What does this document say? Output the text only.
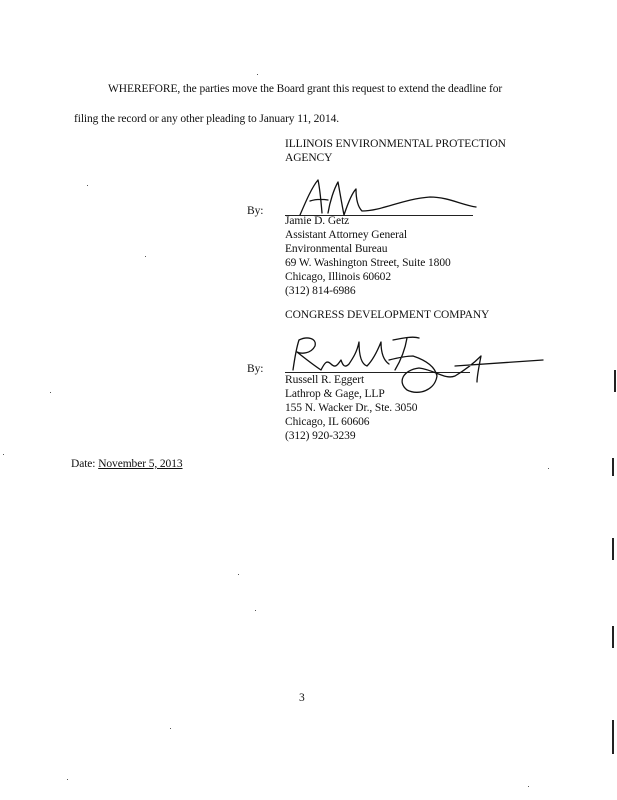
WHEREFORE, the parties move the Board grant this request to extend the deadline for
filing the record or any other pleading to January 11, 2014.
ILLINOIS ENVIRONMENTAL PROTECTION
AGENCY
By:
Jamie D. Getz
Assistant Attorney General
Environmental Bureau
69 W. Washington Street, Suite 1800
Chicago, Illinois 60602
(312) 814-6986
CONGRESS DEVELOPMENT COMPANY
By:
Russell R. Eggert
Lathrop & Gage, LLP
155 N. Wacker Dr., Ste. 3050
Chicago, IL 60606
(312) 920-3239
Date: November 5, 2013
3
